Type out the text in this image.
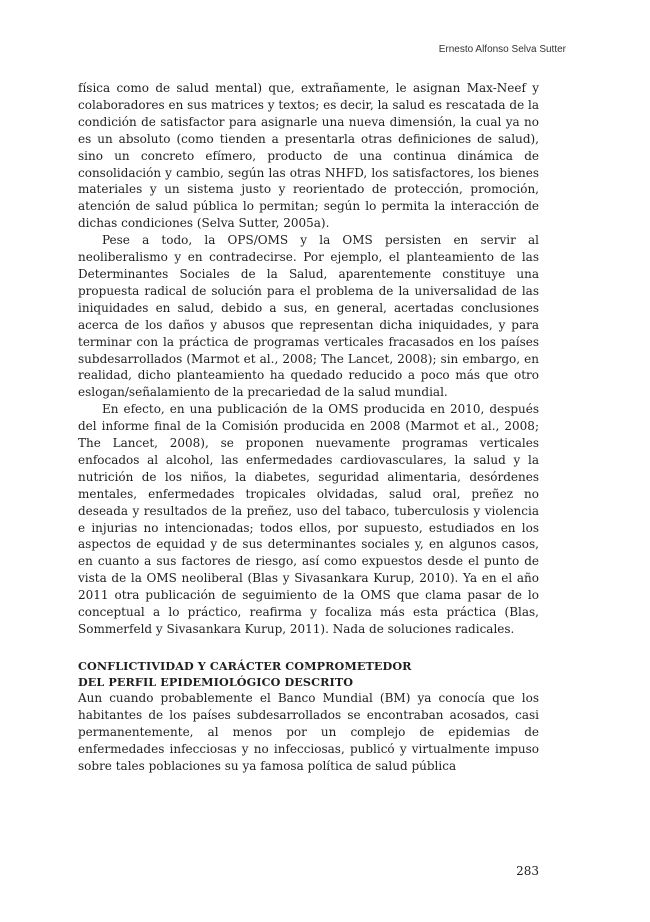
Ernesto Alfonso Selva Sutter

física como de salud mental) que, extrañamente, le asignan Max-Neef y colaboradores en sus matrices y textos; es decir, la salud es rescatada de la condición de satisfactor para asignarle una nueva dimensión, la cual ya no es un absoluto (como tienden a presentarla otras definiciones de salud), sino un concreto efímero, producto de una continua dinámica de consolidación y cambio, según las otras NHFD, los satisfactores, los bienes materiales y un sistema justo y reorientado de protección, promoción, atención de salud pública lo permitan; según lo permita la interacción de dichas condiciones (Selva Sutter, 2005a).

Pese a todo, la OPS/OMS y la OMS persisten en servir al neoliberalismo y en contradecirse. Por ejemplo, el planteamiento de las Determinantes Sociales de la Salud, aparentemente constituye una propuesta radical de solución para el problema de la universalidad de las iniquidades en salud, debido a sus, en general, acertadas conclusiones acerca de los daños y abusos que representan dicha iniquidades, y para terminar con la práctica de programas verticales fracasados en los países subdesarrollados (Marmot et al., 2008; The Lancet, 2008); sin embargo, en realidad, dicho planteamiento ha quedado reducido a poco más que otro eslogan/señalamiento de la precariedad de la salud mundial.

En efecto, en una publicación de la OMS producida en 2010, después del informe final de la Comisión producida en 2008 (Marmot et al., 2008; The Lancet, 2008), se proponen nuevamente programas verticales enfocados al alcohol, las enfermedades cardiovasculares, la salud y la nutrición de los niños, la diabetes, seguridad alimentaria, desórdenes mentales, enfermedades tropicales olvidadas, salud oral, preñez no deseada y resultados de la preñez, uso del tabaco, tuberculosis y violencia e injurias no intencionadas; todos ellos, por supuesto, estudiados en los aspectos de equidad y de sus determinantes sociales y, en algunos casos, en cuanto a sus factores de riesgo, así como expuestos desde el punto de vista de la OMS neoliberal (Blas y Sivasankara Kurup, 2010). Ya en el año 2011 otra publicación de seguimiento de la OMS que clama pasar de lo conceptual a lo práctico, reafirma y focaliza más esta práctica (Blas, Sommerfeld y Sivasankara Kurup, 2011). Nada de soluciones radicales.

CONFLICTIVIDAD Y CARÁCTER COMPROMETEDOR
DEL PERFIL EPIDEMIOLÓGICO DESCRITO

Aun cuando probablemente el Banco Mundial (BM) ya conocía que los habitantes de los países subdesarrollados se encontraban acosados, casi permanentemente, al menos por un complejo de epidemias de enfermedades infecciosas y no infecciosas, publicó y virtualmente impuso sobre tales poblaciones su ya famosa política de salud pública

283
